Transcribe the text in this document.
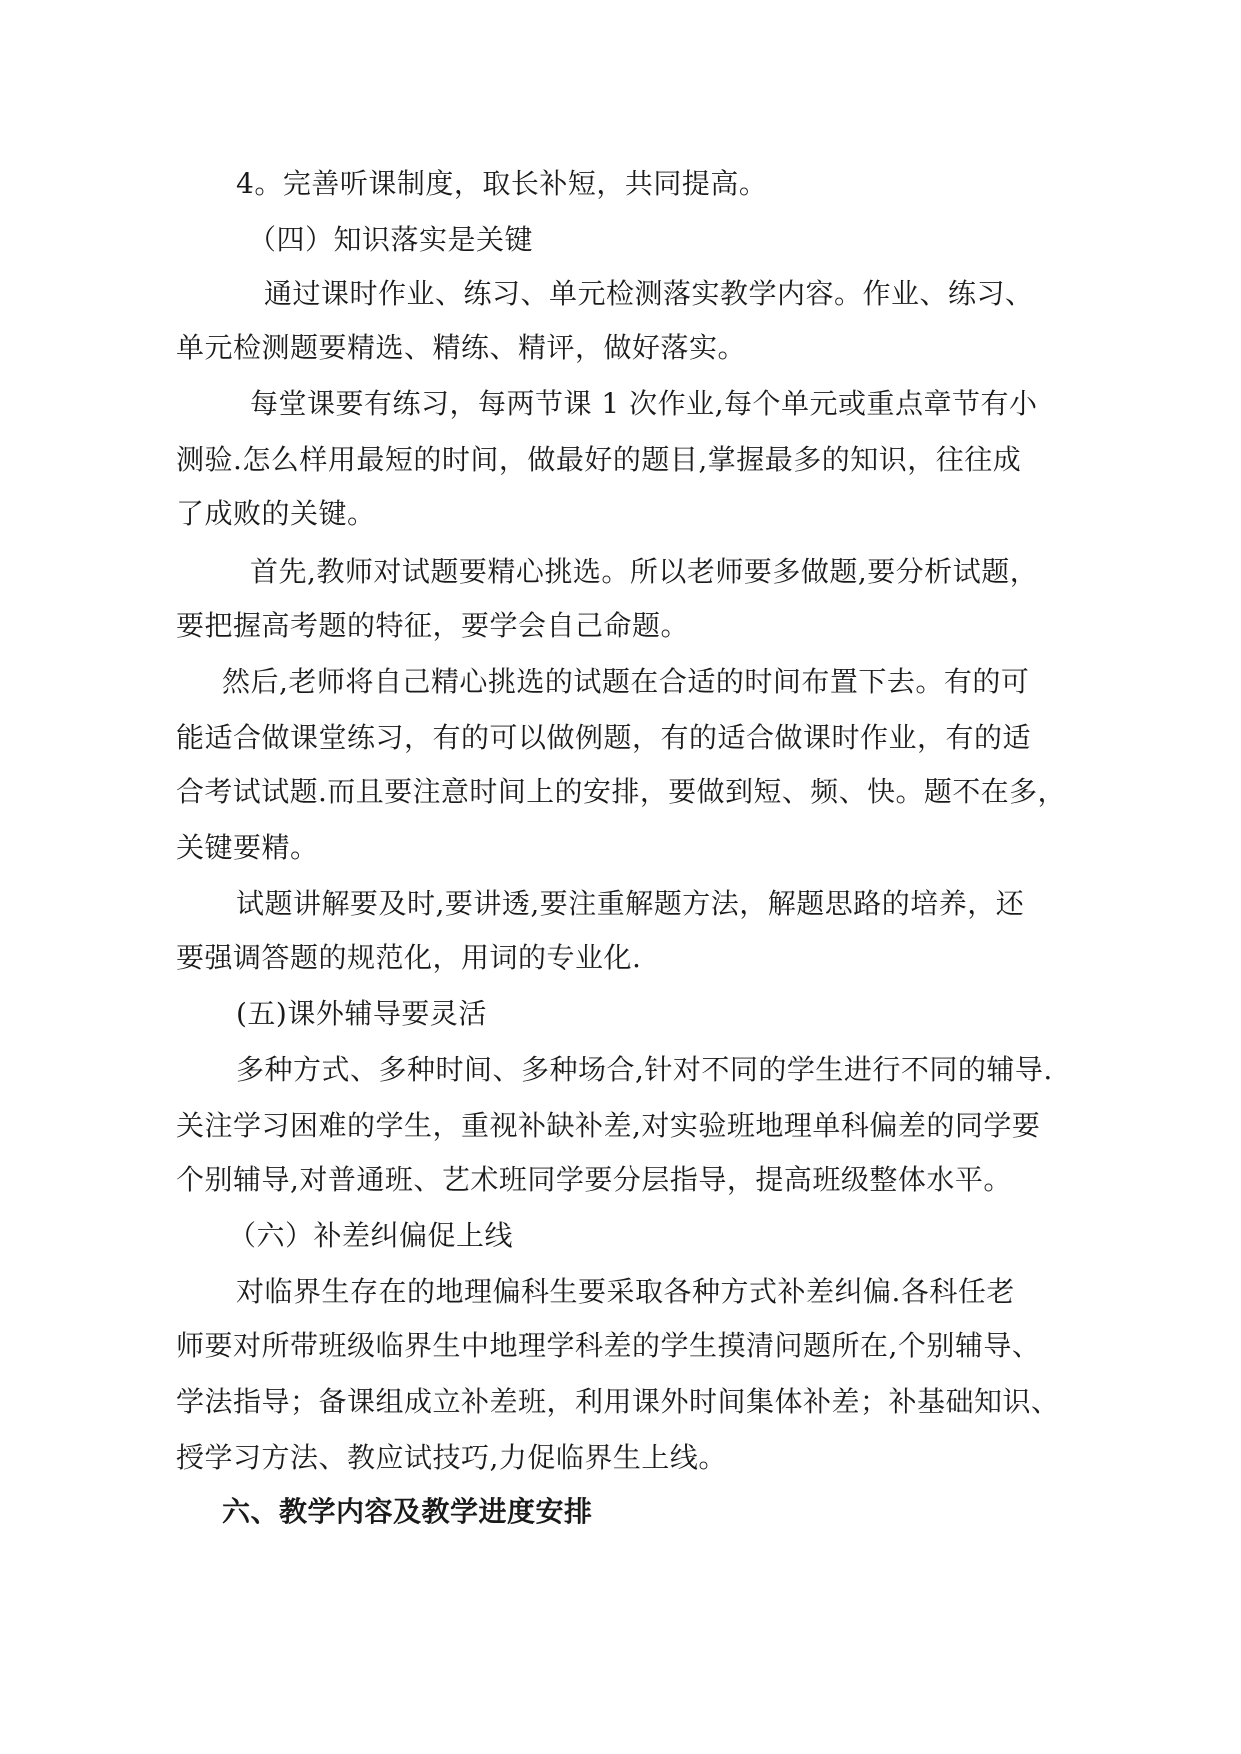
4。完善听课制度，取长补短，共同提高。
（四）知识落实是关键
通过课时作业、练习、单元检测落实教学内容。作业、练习、
单元检测题要精选、精练、精评，做好落实。
每堂课要有练习，每两节课 1 次作业,每个单元或重点章节有小
测验.怎么样用最短的时间，做最好的题目,掌握最多的知识，往往成
了成败的关键。
首先,教师对试题要精心挑选。所以老师要多做题,要分析试题，
要把握高考题的特征，要学会自己命题。
然后,老师将自己精心挑选的试题在合适的时间布置下去。有的可
能适合做课堂练习，有的可以做例题，有的适合做课时作业，有的适
合考试试题.而且要注意时间上的安排，要做到短、频、快。题不在多，
关键要精。
试题讲解要及时,要讲透,要注重解题方法，解题思路的培养，还
要强调答题的规范化，用词的专业化.
(五)课外辅导要灵活
多种方式、多种时间、多种场合,针对不同的学生进行不同的辅导.
关注学习困难的学生，重视补缺补差,对实验班地理单科偏差的同学要
个别辅导,对普通班、艺术班同学要分层指导，提高班级整体水平。
（六）补差纠偏促上线
对临界生存在的地理偏科生要采取各种方式补差纠偏.各科任老
师要对所带班级临界生中地理学科差的学生摸清问题所在,个别辅导、
学法指导；备课组成立补差班，利用课外时间集体补差；补基础知识、
授学习方法、教应试技巧,力促临界生上线。
六、教学内容及教学进度安排
